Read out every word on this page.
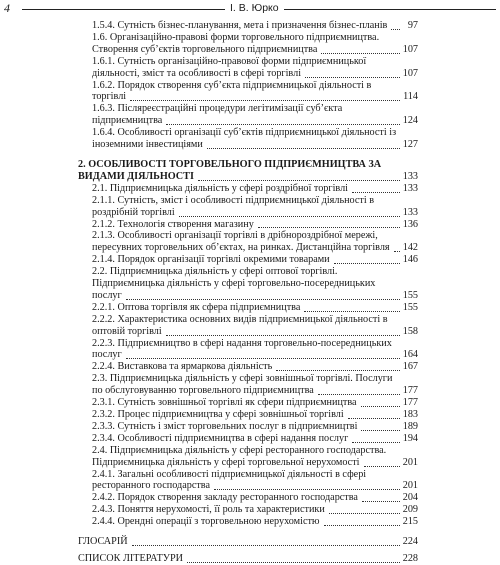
4	І. В. Юрко
1.5.4. Сутність бізнес-планування, мета і призначення бізнес-планів	97
1.6. Організаційно-правові форми торговельного підприємництва. Створення суб’єктів торговельного підприємництва	107
1.6.1. Сутність організаційно-правової форми підприємницької діяльності, зміст та особливості в сфері торгівлі	107
1.6.2. Порядок створення суб’єкта підприємницької діяльності в торгівлі	114
1.6.3. Післяреєстраційні процедури легітимізації суб’єкта підприємництва	124
1.6.4. Особливості організації суб’єктів підприємницької діяльності із іноземними інвестиціями	127
2. ОСОБЛИВОСТІ ТОРГОВЕЛЬНОГО ПІДПРИЄМНИЦТВА ЗА ВИДАМИ ДІЯЛЬНОСТІ	133
2.1. Підприємницька діяльність у сфері роздрібної торгівлі	133
2.1.1. Сутність, зміст і особливості підприємницької діяльності в роздрібній торгівлі	133
2.1.2. Технологія створення магазину	136
2.1.3. Особливості організації торгівлі в дрібнороздрібної мережі, пересувних торговельних об’єктах, на ринках. Дистанційна торгівля	142
2.1.4. Порядок організації торгівлі окремими товарами	146
2.2. Підприємницька діяльність у сфері оптової торгівлі. Підприємницька діяльність у сфері торговельно-посередницьких послуг	155
2.2.1. Оптова торгівля як сфера підприємництва	155
2.2.2. Характеристика основних видів підприємницької діяльності в оптовій торгівлі	158
2.2.3. Підприємництво в сфері надання торговельно-посередницьких послуг	164
2.2.4. Виставкова та ярмаркова діяльність	167
2.3. Підприємницька діяльність у сфері зовнішньої торгівлі. Послуги по обслуговуванню торговельного підприємництва	177
2.3.1. Сутність зовнішньої торгівлі як сфери підприємництва	177
2.3.2. Процес підприємництва у сфері зовнішньої торгівлі	183
2.3.3. Сутність і зміст торговельних послуг в підприємництві	189
2.3.4. Особливості підприємництва в сфері надання послуг	194
2.4. Підприємницька діяльність у сфері ресторанного господарства. Підприємницька діяльність у сфері торговельної нерухомості	201
2.4.1. Загальні особливості підприємницької діяльності в сфері ресторанного господарства	201
2.4.2. Порядок створення закладу ресторанного господарства	204
2.4.3. Поняття нерухомості, її роль та характеристики	209
2.4.4. Орендні операції з торговельною нерухомістю	215
ГЛОСАРІЙ	224
СПИСОК ЛІТЕРАТУРИ	228
